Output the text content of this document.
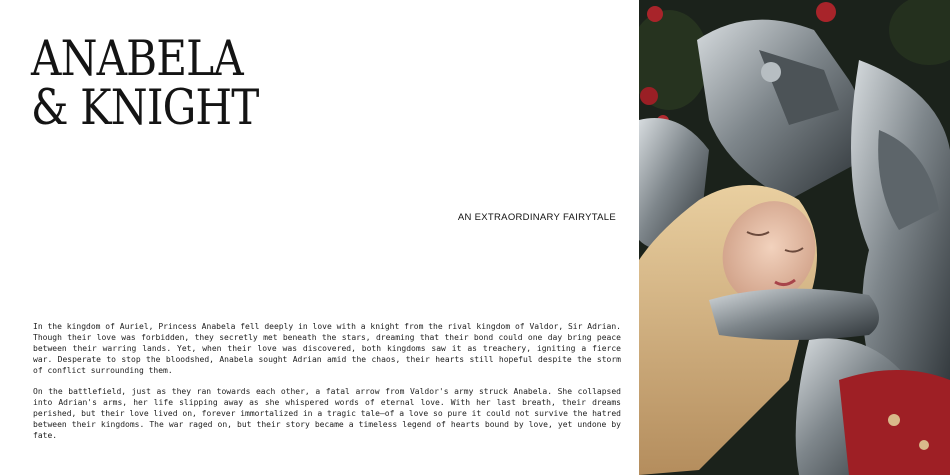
ANABELA
& KNIGHT
AN EXTRAORDINARY FAIRYTALE

In the kingdom of Auriel, Princess Anabela fell deeply in love with a knight from the rival kingdom of Valdor, Sir Adrian. Though their love was forbidden, they secretly met beneath the stars, dreaming that their bond could one day bring peace between their warring lands. Yet, when their love was discovered, both kingdoms saw it as treachery, igniting a fierce war. Desperate to stop the bloodshed, Anabela sought Adrian amid the chaos, their hearts still hopeful despite the storm of conflict surrounding them.

On the battlefield, just as they ran towards each other, a fatal arrow from Valdor's army struck Anabela. She collapsed into Adrian's arms, her life slipping away as she whispered words of eternal love. With her last breath, their dreams perished, but their love lived on, forever immortalized in a tragic tale—of a love so pure it could not survive the hatred between their kingdoms. The war raged on, but their story became a timeless legend of hearts bound by love, yet undone by fate.
